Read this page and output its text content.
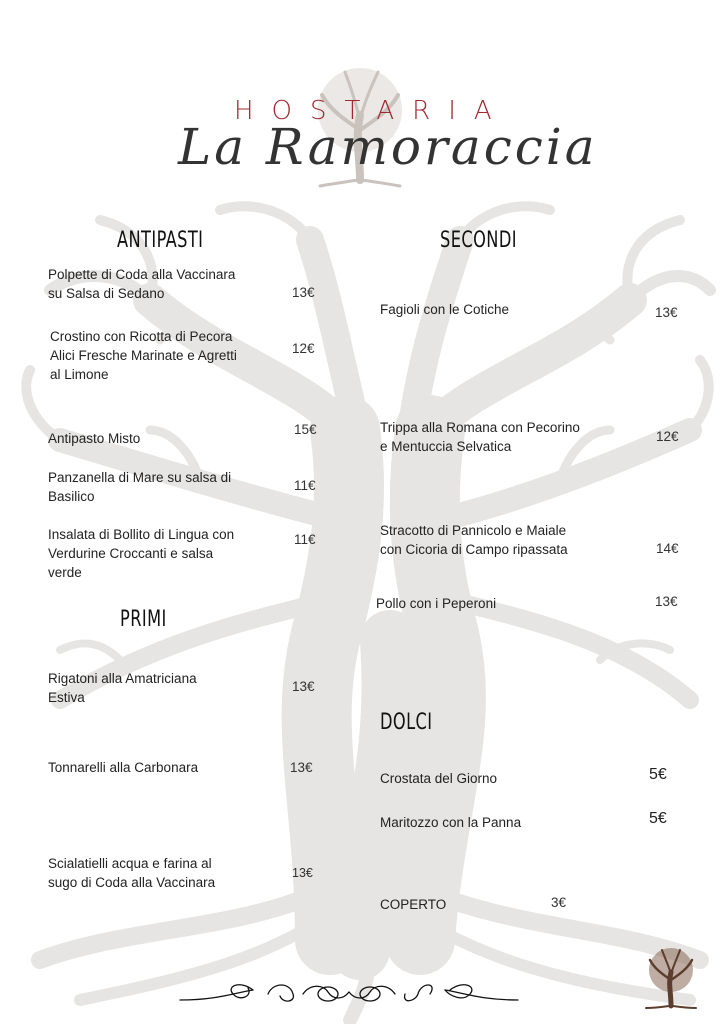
HOSTARIA
La Ramoraccia
ANTIPASTI
Polpette di Coda alla Vaccinara
su Salsa di Sedano	13€
Crostino con Ricotta di Pecora
Alici Fresche Marinate e Agretti
al Limone
12€
Antipasto Misto
15€
Panzanella di Mare su salsa di
Basilico
11€
Insalata di Bollito di Lingua con
Verdurine Croccanti e salsa
verde
11€
PRIMI
Rigatoni alla Amatriciana
Estiva
13€
Tonnarelli alla Carbonara	13€
Scialatielli acqua e farina al
sugo di Coda alla Vaccinara
13€
SECONDI
Fagioli con le Cotiche	13€
Trippa alla Romana con Pecorino
e Mentuccia Selvatica
12€
Stracotto di Pannicolo e Maiale
con Cicoria di Campo ripassata	14€
Pollo con i Peperoni	13€
DOLCI
Crostata del Giorno	5€
Maritozzo con la Panna	5€
COPERTO	3€
